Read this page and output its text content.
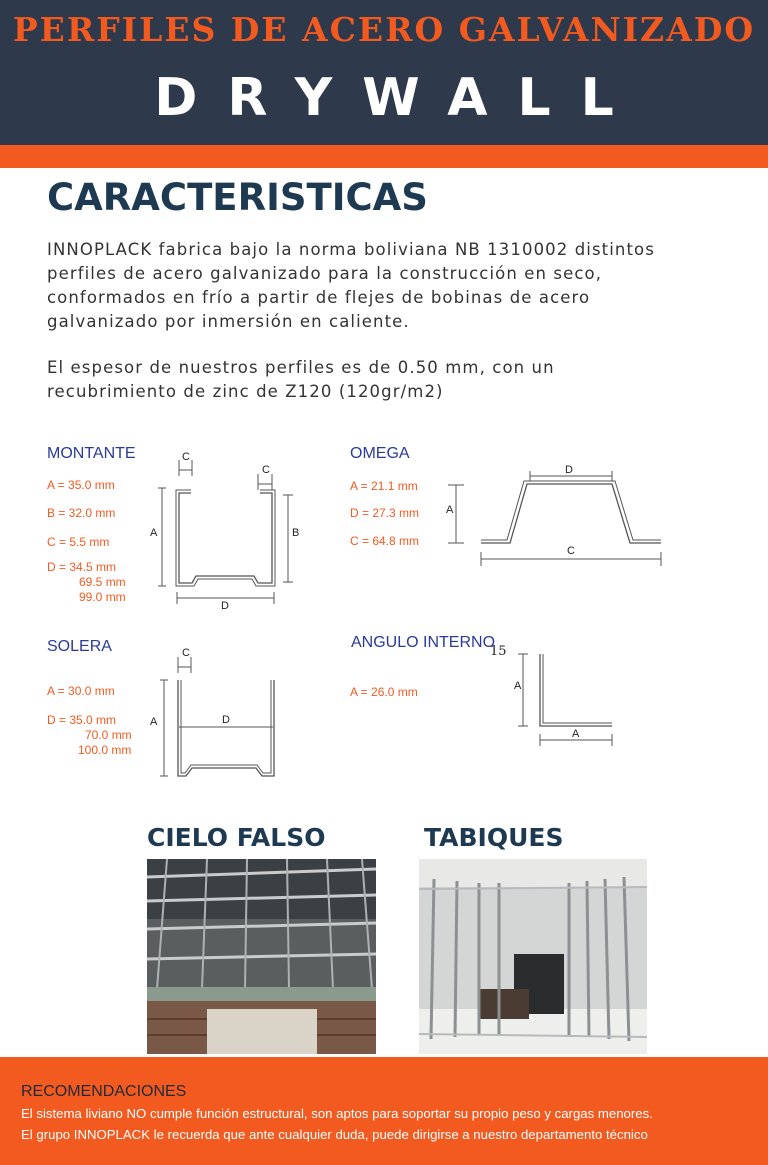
PERFILES DE ACERO GALVANIZADO
DRYWALL
CARACTERISTICAS

INNOPLACK fabrica bajo la norma boliviana NB 1310002 distintos perfiles de acero galvanizado para la construcción en seco, conformados en frío a partir de flejes de bobinas de acero galvanizado por inmersión en caliente.

El espesor de nuestros perfiles es de 0.50 mm, con un recubrimiento de zinc de Z120 (120gr/m2)

MONTANTE
A = 35.0 mm
B = 32.0 mm
C = 5.5 mm
D = 34.5 mm
69.5 mm
99.0 mm
C
C
A	B
D
OMEGA
A = 21.1 mm
D = 27.3 mm
C = 64.8 mm
D
A
C
SOLERA
A = 30.0 mm
D = 35.0 mm
70.0 mm
100.0 mm
C
A	D
ANGULO INTERNO
15
A = 26.0 mm	A
A
CIELO FALSO	TABIQUES
RECOMENDACIONES
El sistema liviano NO cumple función estructural, son aptos para soportar su propio peso y cargas menores.
El grupo INNOPLACK le recuerda que ante cualquier duda, puede dirigirse a nuestro departamento técnico
